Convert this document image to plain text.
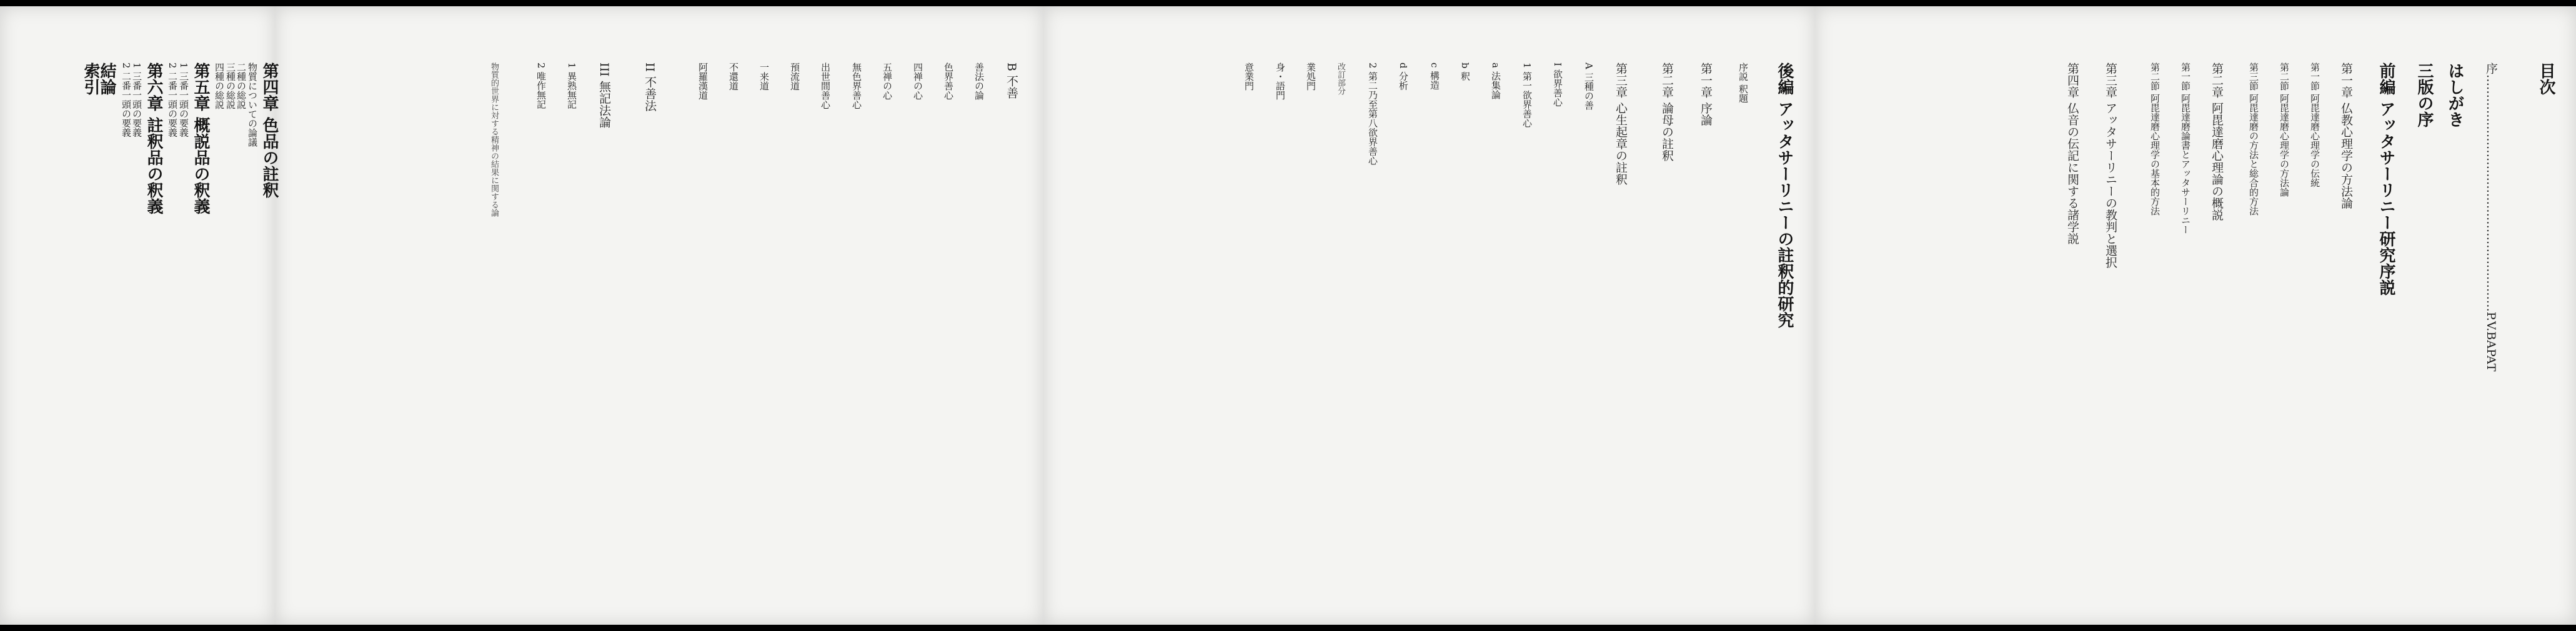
目次
序……………………………………………………P.V.BAPAT
はしがき
三版の序
前編 アッタサーリニー研究序説
第一章 仏教心理学の方法論
第一節 阿毘達磨心理学の伝統
第二節 阿毘達磨心理学の方法論
第三節 阿毘達磨の方法と総合的方法
第二章 阿毘達磨心理論の概説
第一節 阿毘達磨論書とアッタサーリニー
第二節 阿毘達磨心理学の基本的方法
第三章 アッタサーリニーの教判と選択
第四章 仏音の伝記に関する諸学説
後編 アッタサーリニーの註釈的研究
序説 釈題
第一章 序論
第二章 論母の註釈
第三章 心生起章の註釈
A 三種の善
I 欲界善心
1 第一欲界善心
a 法集論
b 釈
c 構造
d 分析
2 第二乃至第八欲界善心
改訂部分
業処門
身・語門
意業門
B 不善
善法の論
色界善心
四禅の心
五禅の心
無色界善心
出世間善心
預流道
一来道
不還道
阿羅漢道
II 不善法
III 無記法論
1 異熟無記
2 唯作無記
物質的世界に対する精神の結果に関する論
第四章 色品の註釈
物質についての論議
二種の総説
三種の総説
四種の総説
第五章 概説品の釈義
1 三番一頭の要義
2 二番一頭の要義
第六章 註釈品の釈義
1 三番一頭の要義
2 二番一頭の要義
結論
索引
